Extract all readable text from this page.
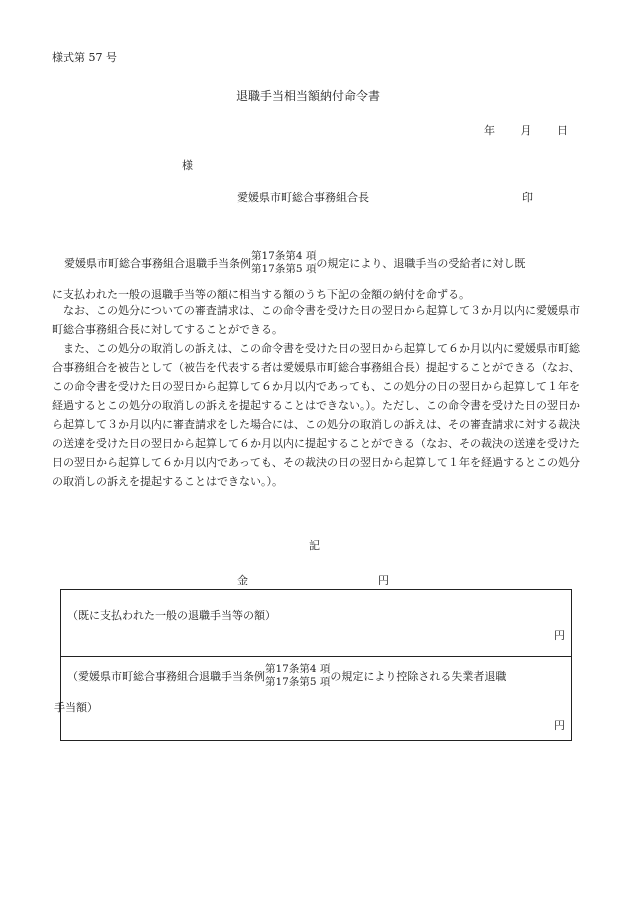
様式第 57 号
退職手当相当額納付命令書
年 月 日
様
愛媛県市町総合事務組合長	印
愛媛県市町総合事務組合退職手当条例
第17条第4 項
第17条第5 項 の規定により、退職手当の受給者に対し既
に支払われた一般の退職手当等の額に相当する額のうち下記の金額の納付を命ずる。
なお、この処分についての審査請求は、この命令書を受けた日の翌日から起算して３か月以内に愛媛県市町総合事務組合長に対してすることができる。
また、この処分の取消しの訴えは、この命令書を受けた日の翌日から起算して６か月以内に愛媛県市町総合事務組合を被告として（被告を代表する者は愛媛県市町総合事務組合長）提起することができる（なお、この命令書を受けた日の翌日から起算して６か月以内であっても、この処分の日の翌日から起算して１年を経過するとこの処分の取消しの訴えを提起することはできない。）。ただし、この命令書を受けた日の翌日から起算して３か月以内に審査請求をした場合には、この処分の取消しの訴えは、その審査請求に対する裁決の送達を受けた日の翌日から起算して６か月以内に提起することができる（なお、その裁決の送達を受けた日の翌日から起算して６か月以内であっても、その裁決の日の翌日から起算して１年を経過するとこの処分の取消しの訴えを提起することはできない。）。
記
金	円
（既に支払われた一般の退職手当等の額）
円
（愛媛県市町総合事務組合退職手当条例
第17条第4 項
第17条第5 項 の規定により控除される失業者退職
手当額）
円
